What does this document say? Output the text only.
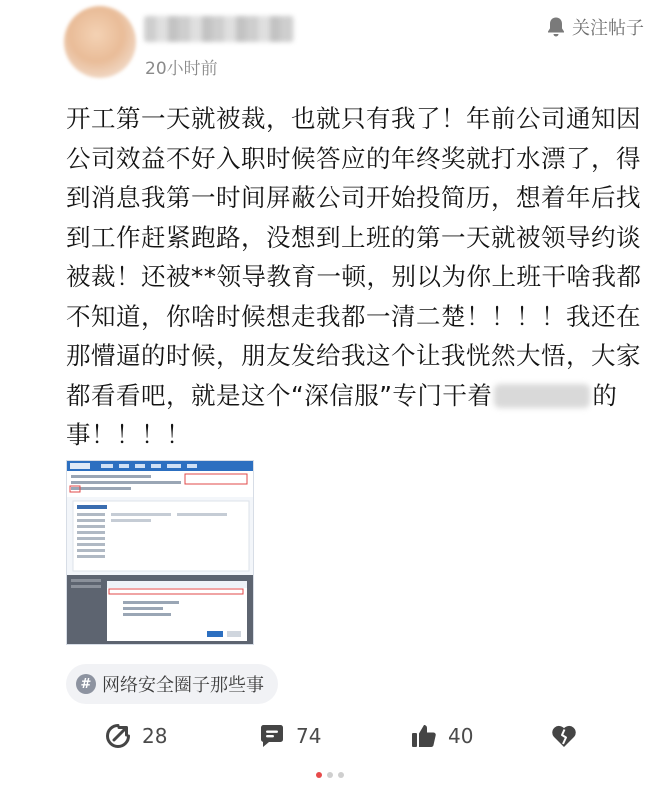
20小时前
关注帖子
开工第一天就被裁，也就只有我了！年前公司通知因公司效益不好入职时候答应的年终奖就打水漂了，得到消息我第一时间屏蔽公司开始投简历，想着年后找到工作赶紧跑路，没想到上班的第一天就被领导约谈被裁！还被**领导教育一顿，别以为你上班干啥我都不知道，你啥时候想走我都一清二楚！！！！我还在那懵逼的时候，朋友发给我这个让我恍然大悟，大家都看看吧，就是这个“深信服”专门干着	的事！！！！
# 网络安全圈子那些事
28	74	40
